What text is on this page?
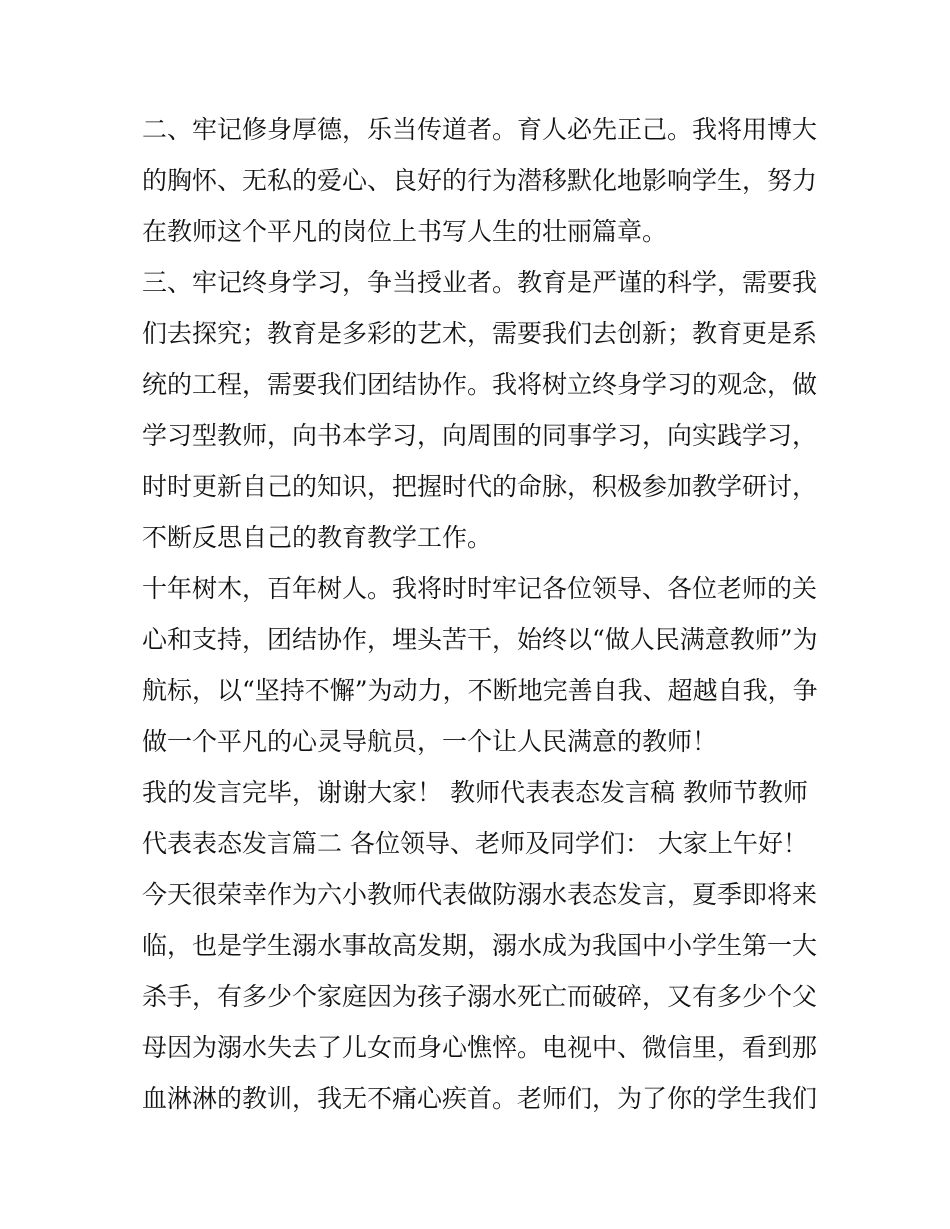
二、牢记修身厚德，乐当传道者。育人必先正己。我将用博大
的胸怀、无私的爱心、良好的行为潜移默化地影响学生，努力
在教师这个平凡的岗位上书写人生的壮丽篇章。
三、牢记终身学习，争当授业者。教育是严谨的科学，需要我
们去探究；教育是多彩的艺术，需要我们去创新；教育更是系
统的工程，需要我们团结协作。我将树立终身学习的观念，做
学习型教师，向书本学习，向周围的同事学习，向实践学习，
时时更新自己的知识，把握时代的命脉，积极参加教学研讨，
不断反思自己的教育教学工作。
十年树木，百年树人。我将时时牢记各位领导、各位老师的关
心和支持，团结协作，埋头苦干，始终以“做人民满意教师”为
航标，以“坚持不懈”为动力，不断地完善自我、超越自我，争
做一个平凡的心灵导航员，一个让人民满意的教师！
我的发言完毕，谢谢大家！ 教师代表表态发言稿 教师节教师
代表表态发言篇二 各位领导、老师及同学们： 大家上午好！
今天很荣幸作为六小教师代表做防溺水表态发言，夏季即将来
临，也是学生溺水事故高发期，溺水成为我国中小学生第一大
杀手，有多少个家庭因为孩子溺水死亡而破碎，又有多少个父
母因为溺水失去了儿女而身心憔悴。电视中、微信里，看到那
血淋淋的教训，我无不痛心疾首。老师们，为了你的学生我们
